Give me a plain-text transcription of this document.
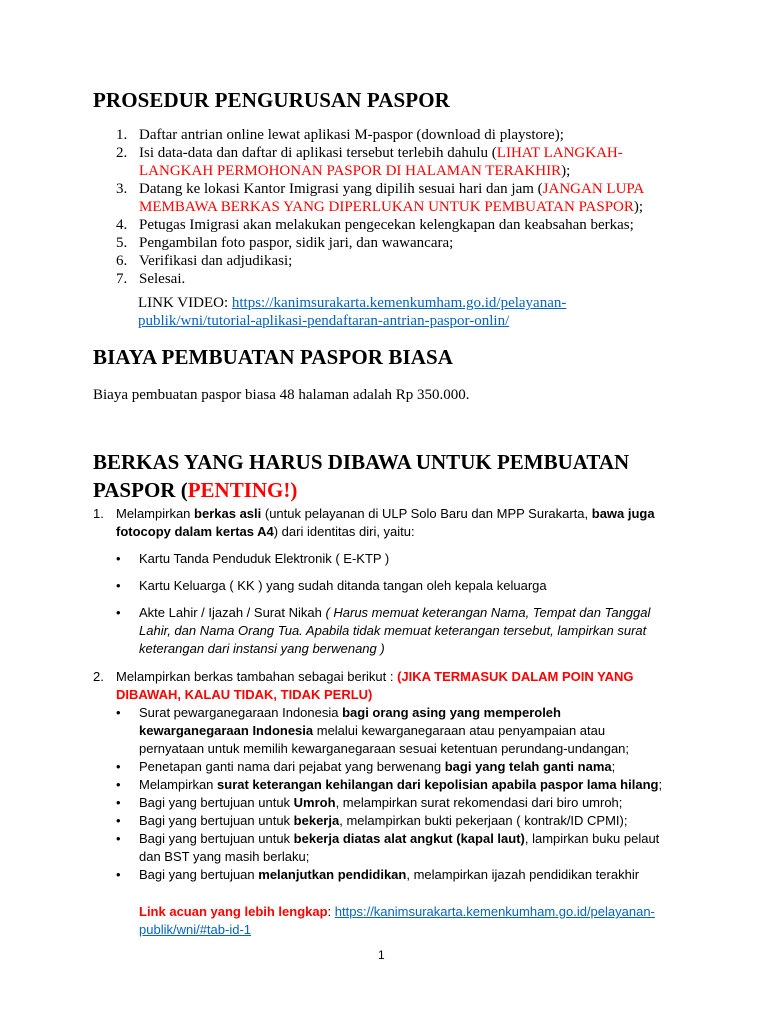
PROSEDUR PENGURUSAN PASPOR
1. Daftar antrian online lewat aplikasi M-paspor (download di playstore);
2. Isi data-data dan daftar di aplikasi tersebut terlebih dahulu (LIHAT LANGKAH-LANGKAH PERMOHONAN PASPOR DI HALAMAN TERAKHIR);
3. Datang ke lokasi Kantor Imigrasi yang dipilih sesuai hari dan jam (JANGAN LUPA MEMBAWA BERKAS YANG DIPERLUKAN UNTUK PEMBUATAN PASPOR);
4. Petugas Imigrasi akan melakukan pengecekan kelengkapan dan keabsahan berkas;
5. Pengambilan foto paspor, sidik jari, dan wawancara;
6. Verifikasi dan adjudikasi;
7. Selesai.
LINK VIDEO: https://kanimsurakarta.kemenkumham.go.id/pelayanan-publik/wni/tutorial-aplikasi-pendaftaran-antrian-paspor-onlin/
BIAYA PEMBUATAN PASPOR BIASA

Biaya pembuatan paspor biasa 48 halaman adalah Rp 350.000.

BERKAS YANG HARUS DIBAWA UNTUK PEMBUATAN
PASPOR (PENTING!)
1. Melampirkan berkas asli (untuk pelayanan di ULP Solo Baru dan MPP Surakarta, bawa juga fotocopy dalam kertas A4) dari identitas diri, yaitu:
• Kartu Tanda Penduduk Elektronik ( E-KTP )
• Kartu Keluarga ( KK ) yang sudah ditanda tangan oleh kepala keluarga
• Akte Lahir / Ijazah / Surat Nikah ( Harus memuat keterangan Nama, Tempat dan Tanggal Lahir, dan Nama Orang Tua. Apabila tidak memuat keterangan tersebut, lampirkan surat keterangan dari instansi yang berwenang )
2. Melampirkan berkas tambahan sebagai berikut : (JIKA TERMASUK DALAM POIN YANG DIBAWAH, KALAU TIDAK, TIDAK PERLU)
• Surat pewarganegaraan Indonesia bagi orang asing yang memperoleh kewarganegaraan Indonesia melalui kewarganegaraan atau penyampaian atau pernyataan untuk memilih kewarganegaraan sesuai ketentuan perundang-undangan;
• Penetapan ganti nama dari pejabat yang berwenang bagi yang telah ganti nama;
• Melampirkan surat keterangan kehilangan dari kepolisian apabila paspor lama hilang;
• Bagi yang bertujuan untuk Umroh, melampirkan surat rekomendasi dari biro umroh;
• Bagi yang bertujuan untuk bekerja, melampirkan bukti pekerjaan ( kontrak/ID CPMI);
• Bagi yang bertujuan untuk bekerja diatas alat angkut (kapal laut), lampirkan buku pelaut dan BST yang masih berlaku;
• Bagi yang bertujuan melanjutkan pendidikan, melampirkan ijazah pendidikan terakhir
Link acuan yang lebih lengkap: https://kanimsurakarta.kemenkumham.go.id/pelayanan-publik/wni/#tab-id-1
1
